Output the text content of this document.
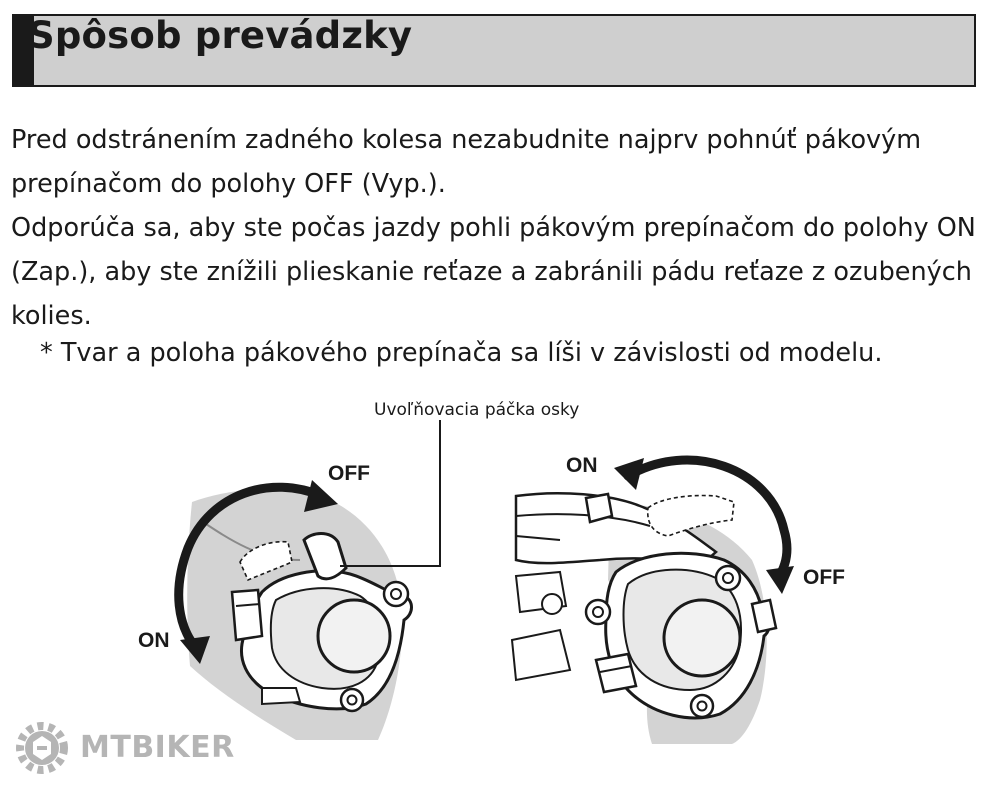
Spôsob prevádzky

Pred odstránením zadného kolesa nezabudnite najprv pohnúť pákovým prepínačom do polohy OFF (Vyp.).

Odporúča sa, aby ste počas jazdy pohli pákovým prepínačom do polohy ON (Zap.), aby ste znížili plieskanie reťaze a zabránili pádu reťaze z ozubených kolies.

* Tvar a poloha pákového prepínača sa líši v závislosti od modelu.
Uvoľňovacia páčka osky
OFF
ON
ON
OFF
MTBIKER
